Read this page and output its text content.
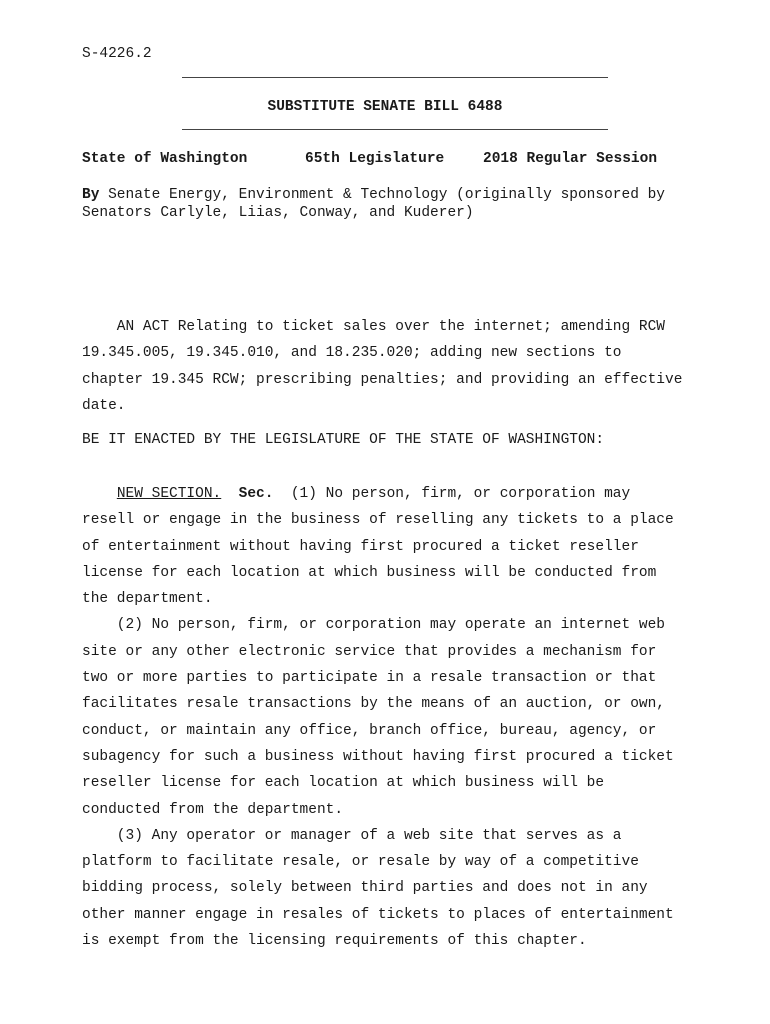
S-4226.2
SUBSTITUTE SENATE BILL 6488
State of Washington	65th Legislature	2018 Regular Session
By Senate Energy, Environment & Technology (originally sponsored by
Senators Carlyle, Liias, Conway, and Kuderer)
AN ACT Relating to ticket sales over the internet; amending RCW
19.345.005, 19.345.010, and 18.235.020; adding new sections to
chapter 19.345 RCW; prescribing penalties; and providing an effective
date.
BE IT ENACTED BY THE LEGISLATURE OF THE STATE OF WASHINGTON:
NEW SECTION. Sec.  (1) No person, firm, or corporation may
resell or engage in the business of reselling any tickets to a place
of entertainment without having first procured a ticket reseller
license for each location at which business will be conducted from
the department.
(2) No person, firm, or corporation may operate an internet web
site or any other electronic service that provides a mechanism for
two or more parties to participate in a resale transaction or that
facilitates resale transactions by the means of an auction, or own,
conduct, or maintain any office, branch office, bureau, agency, or
subagency for such a business without having first procured a ticket
reseller license for each location at which business will be
conducted from the department.
(3) Any operator or manager of a web site that serves as a
platform to facilitate resale, or resale by way of a competitive
bidding process, solely between third parties and does not in any
other manner engage in resales of tickets to places of entertainment
is exempt from the licensing requirements of this chapter.
